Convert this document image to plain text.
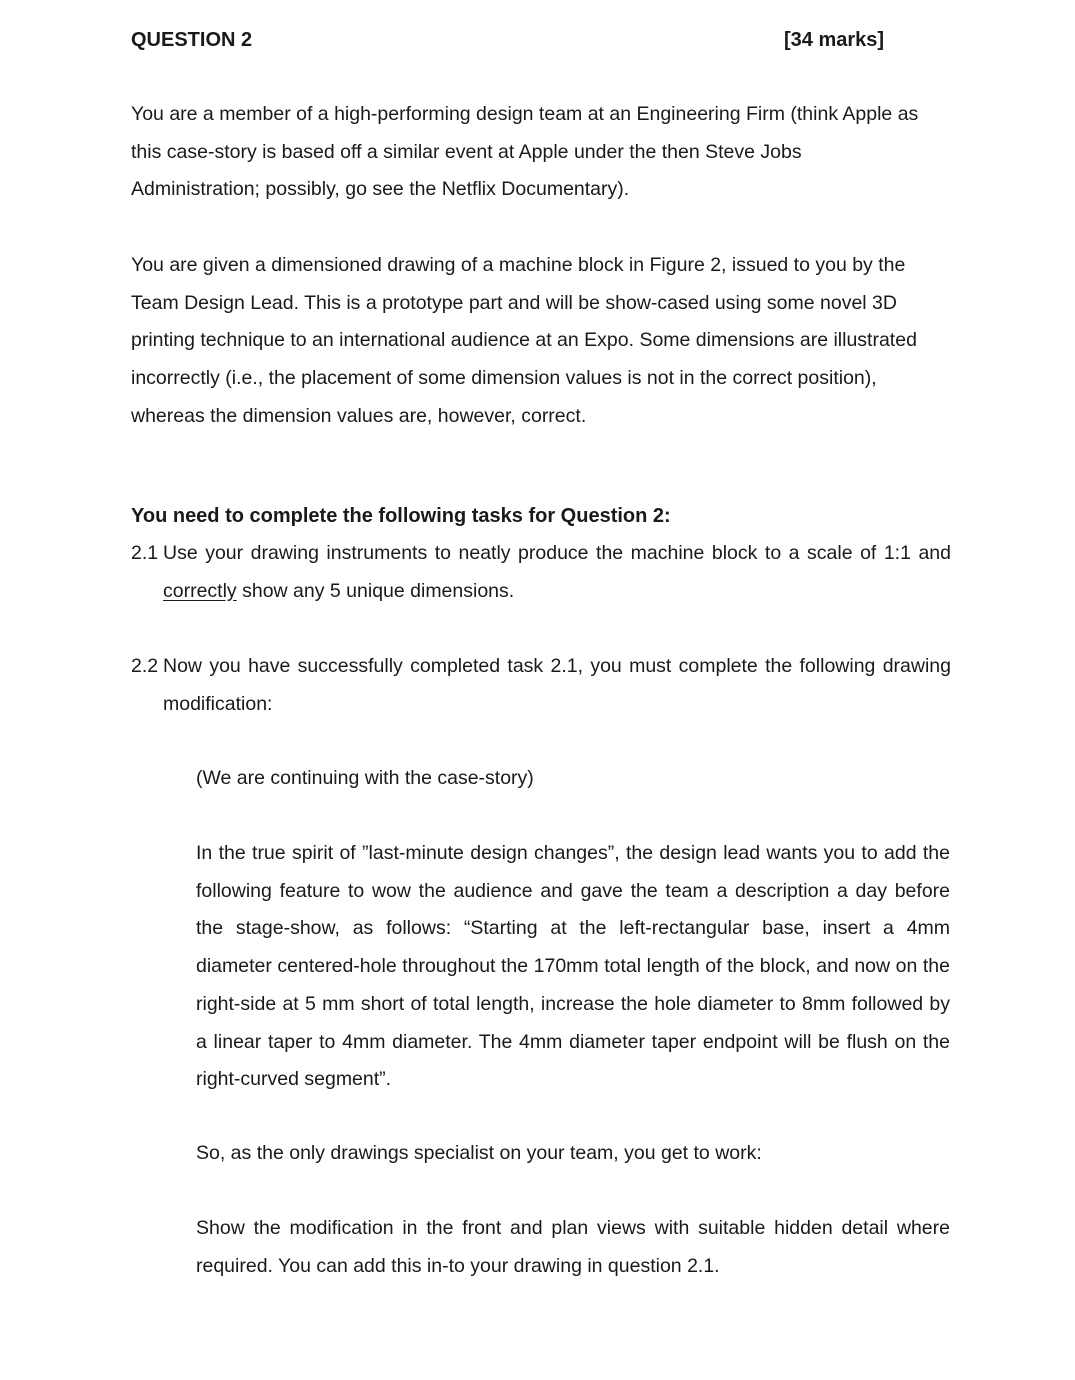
QUESTION 2	[34 marks]
You are a member of a high-performing design team at an Engineering Firm (think Apple as this case-story is based off a similar event at Apple under the then Steve Jobs Administration; possibly, go see the Netflix Documentary).
You are given a dimensioned drawing of a machine block in Figure 2, issued to you by the Team Design Lead. This is a prototype part and will be show-cased using some novel 3D printing technique to an international audience at an Expo. Some dimensions are illustrated incorrectly (i.e., the placement of some dimension values is not in the correct position), whereas the dimension values are, however, correct.
You need to complete the following tasks for Question 2:
2.1 Use your drawing instruments to neatly produce the machine block to a scale of 1:1 and correctly show any 5 unique dimensions.
2.2 Now you have successfully completed task 2.1, you must complete the following drawing modification:
(We are continuing with the case-story)
In the true spirit of ”last-minute design changes”, the design lead wants you to add the following feature to wow the audience and gave the team a description a day before the stage-show, as follows: “Starting at the left-rectangular base, insert a 4mm diameter centered-hole throughout the 170mm total length of the block, and now on the right-side at 5 mm short of total length, increase the hole diameter to 8mm followed by a linear taper to 4mm diameter. The 4mm diameter taper endpoint will be flush on the right-curved segment”.
So, as the only drawings specialist on your team, you get to work:
Show the modification in the front and plan views with suitable hidden detail where required. You can add this in-to your drawing in question 2.1.
